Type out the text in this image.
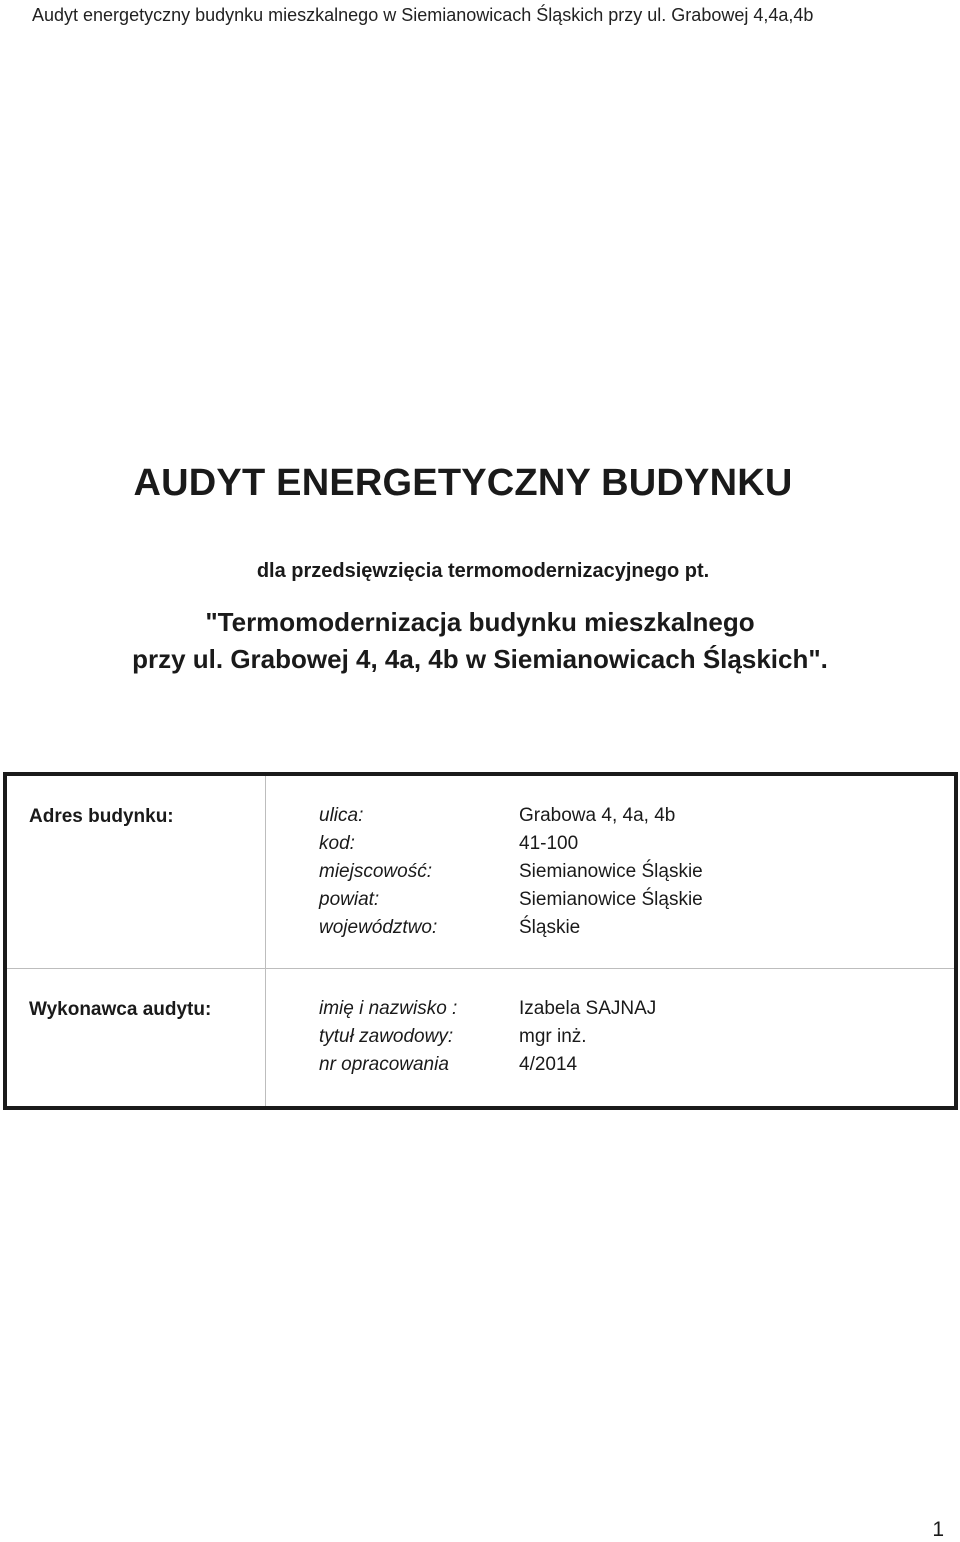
Audyt energetyczny budynku mieszkalnego w Siemianowicach Śląskich przy ul. Grabowej 4,4a,4b
AUDYT ENERGETYCZNY BUDYNKU
dla przedsięwzięcia termomodernizacyjnego pt.
"Termomodernizacja budynku mieszkalnego
przy ul. Grabowej 4, 4a, 4b w Siemianowicach Śląskich".
Adres budynku:	ulica:	Grabowa 4, 4a, 4b
kod:	41-100
miejscowość:	Siemianowice Śląskie
powiat:	Siemianowice Śląskie
województwo:	Śląskie
Wykonawca audytu:	imię i nazwisko :	Izabela SAJNAJ
tytuł zawodowy:	mgr inż.
nr opracowania	4/2014
1
